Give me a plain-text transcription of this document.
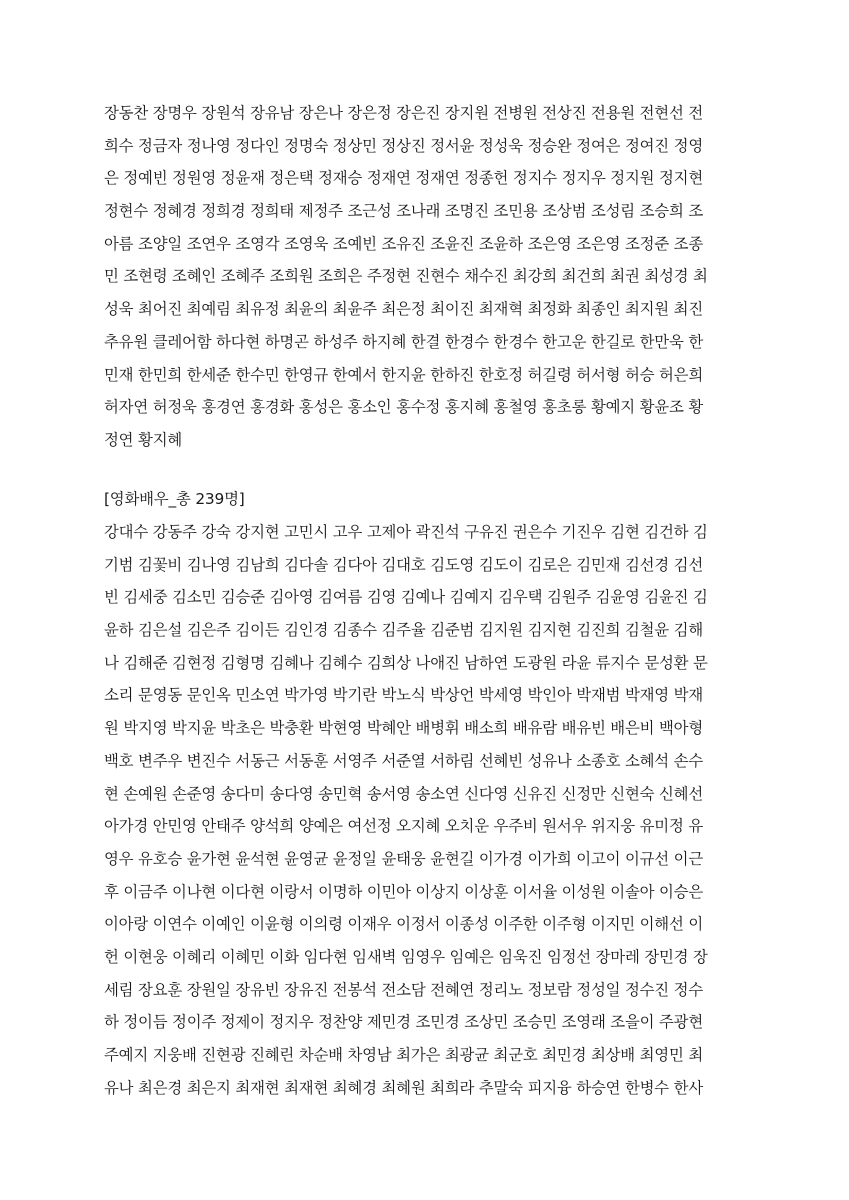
장동찬 장명우 장원석 장유남 장은나 장은정 장은진 장지원 전병원 전상진 전용원 전현선 전
희수 정금자 정나영 정다인 정명숙 정상민 정상진 정서윤 정성욱 정승완 정여은 정여진 정영
은 정예빈 정원영 정윤재 정은택 정재승 정재연 정재연 정종헌 정지수 정지우 정지원 정지현
정현수 정혜경 정희경 정희태 제정주 조근성 조나래 조명진 조민용 조상범 조성림 조승희 조
아름 조양일 조연우 조영각 조영욱 조예빈 조유진 조윤진 조윤하 조은영 조은영 조정준 조종
민 조현령 조혜인 조혜주 조희원 조희은 주정현 진현수 채수진 최강희 최건희 최권 최성경 최
성욱 최어진 최예림 최유정 최윤의 최윤주 최은정 최이진 최재혁 최정화 최종인 최지원 최진
추유원 클레어함 하다현 하명곤 하성주 하지혜 한결 한경수 한경수 한고운 한길로 한만욱 한
민재 한민희 한세준 한수민 한영규 한예서 한지윤 한하진 한호정 허길령 허서형 허승 허은희
허자연 허정욱 홍경연 홍경화 홍성은 홍소인 홍수정 홍지혜 홍철영 홍초롱 황예지 황윤조 황
정연 황지혜
[영화배우_총 239명]
강대수 강동주 강숙 강지현 고민시 고우 고제아 곽진석 구유진 권은수 기진우 김현 김건하 김
기범 김꽃비 김나영 김남희 김다솔 김다아 김대호 김도영 김도이 김로은 김민재 김선경 김선
빈 김세중 김소민 김승준 김아영 김여름 김영 김예나 김예지 김우택 김원주 김윤영 김윤진 김
윤하 김은설 김은주 김이든 김인경 김종수 김주율 김준범 김지원 김지현 김진희 김철윤 김해
나 김해준 김현정 김형명 김혜나 김혜수 김희상 나애진 남하연 도광원 라윤 류지수 문성환 문
소리 문영동 문인옥 민소연 박가영 박기란 박노식 박상언 박세영 박인아 박재범 박재영 박재
원 박지영 박지윤 박초은 박충환 박현영 박혜안 배병휘 배소희 배유람 배유빈 배은비 백아형
백호 변주우 변진수 서동근 서동훈 서영주 서준열 서하림 선혜빈 성유나 소종호 소혜석 손수
현 손예원 손준영 송다미 송다영 송민혁 송서영 송소연 신다영 신유진 신정만 신현숙 신혜선
아가경 안민영 안태주 양석희 양예은 여선정 오지혜 오치운 우주비 원서우 위지웅 유미정 유
영우 유호승 윤가현 윤석현 윤영균 윤정일 윤태웅 윤현길 이가경 이가희 이고이 이규선 이근
후 이금주 이나현 이다현 이랑서 이명하 이민아 이상지 이상훈 이서율 이성원 이솔아 이승은
이아랑 이연수 이예인 이윤형 이의령 이재우 이정서 이종성 이주한 이주형 이지민 이해선 이
헌 이현웅 이혜리 이혜민 이화 임다현 임새벽 임영우 임예은 임욱진 임정선 장마레 장민경 장
세림 장요훈 장원일 장유빈 장유진 전봉석 전소담 전혜연 정리노 정보람 정성일 정수진 정수
하 정이듬 정이주 정제이 정지우 정찬양 제민경 조민경 조상민 조승민 조영래 조을이 주광현
주예지 지웅배 진현광 진혜린 차순배 차영남 최가은 최광균 최군호 최민경 최상배 최영민 최
유나 최은경 최은지 최재현 최재현 최혜경 최혜원 최희라 추말숙 피지융 하승연 한병수 한사
